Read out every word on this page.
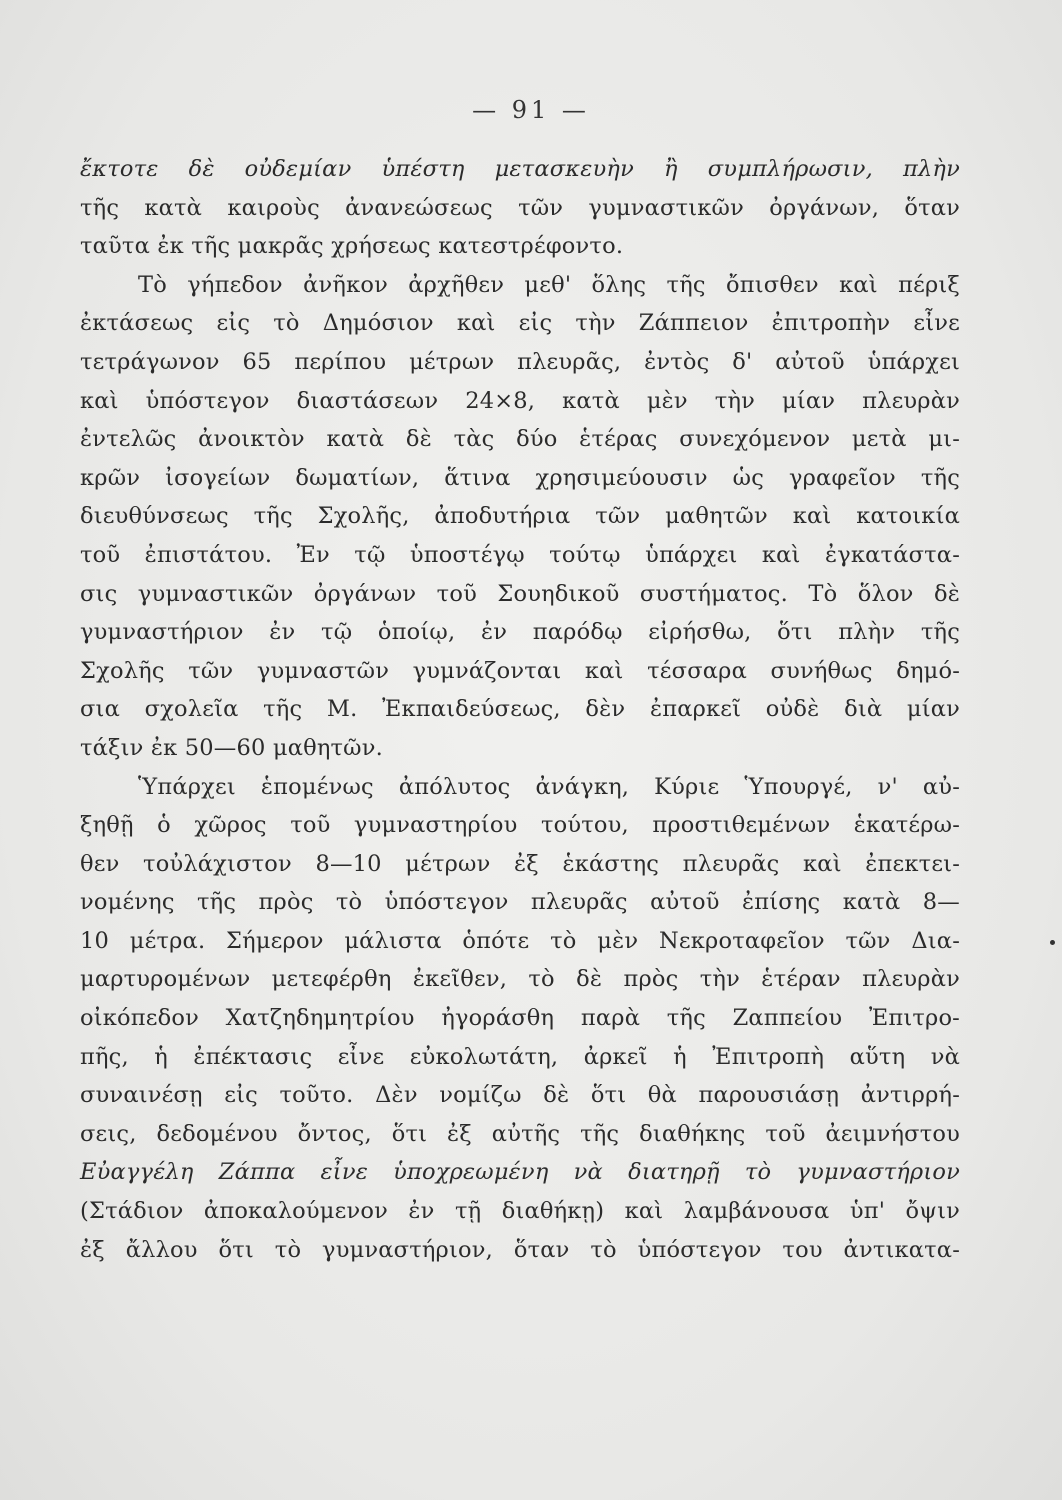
— 91 —
ἔκτοτε δὲ οὐδεμίαν ὑπέστη μετασκευὴν ἢ συμπλήρωσιν, πλὴν
τῆς κατὰ καιροὺς ἀνανεώσεως τῶν γυμναστικῶν ὀργάνων, ὅταν
ταῦτα ἐκ τῆς μακρᾶς χρήσεως κατεστρέφοντο.
Τὸ γήπεδον ἀνῆκον ἀρχῆθεν μεθ' ὅλης τῆς ὄπισθεν καὶ πέριξ
ἐκτάσεως εἰς τὸ Δημόσιον καὶ εἰς τὴν Ζάππειον ἐπιτροπὴν εἶνε
τετράγωνον 65 περίπου μέτρων πλευρᾶς, ἐντὸς δ' αὐτοῦ ὑπάρχει
καὶ ὑπόστεγον διαστάσεων 24×8, κατὰ μὲν τὴν μίαν πλευρὰν
ἐντελῶς ἀνοικτὸν κατὰ δὲ τὰς δύο ἑτέρας συνεχόμενον μετὰ μι-
κρῶν ἰσογείων δωματίων, ἅτινα χρησιμεύουσιν ὡς γραφεῖον τῆς
διευθύνσεως τῆς Σχολῆς, ἀποδυτήρια τῶν μαθητῶν καὶ κατοικία
τοῦ ἐπιστάτου. Ἐν τῷ ὑποστέγῳ τούτῳ ὑπάρχει καὶ ἐγκατάστα-
σις γυμναστικῶν ὀργάνων τοῦ Σουηδικοῦ συστήματος. Τὸ ὅλον δὲ
γυμναστήριον ἐν τῷ ὁποίῳ, ἐν παρόδῳ εἰρήσθω, ὅτι πλὴν τῆς
Σχολῆς τῶν γυμναστῶν γυμνάζονται καὶ τέσσαρα συνήθως δημό-
σια σχολεῖα τῆς Μ. Ἐκπαιδεύσεως, δὲν ἐπαρκεῖ οὐδὲ διὰ μίαν
τάξιν ἐκ 50—60 μαθητῶν.
Ὑπάρχει ἑπομένως ἀπόλυτος ἀνάγκη, Κύριε Ὑπουργέ, ν' αὐ-
ξηθῇ ὁ χῶρος τοῦ γυμναστηρίου τούτου, προστιθεμένων ἑκατέρω-
θεν τοὐλάχιστον 8—10 μέτρων ἐξ ἑκάστης πλευρᾶς καὶ ἐπεκτει-
νομένης τῆς πρὸς τὸ ὑπόστεγον πλευρᾶς αὐτοῦ ἐπίσης κατὰ 8—
10 μέτρα. Σήμερον μάλιστα ὁπότε τὸ μὲν Νεκροταφεῖον τῶν Δια-
μαρτυρομένων μετεφέρθη ἐκεῖθεν, τὸ δὲ πρὸς τὴν ἑτέραν πλευρὰν
οἰκόπεδον Χατζηδημητρίου ἠγοράσθη παρὰ τῆς Ζαππείου Ἐπιτρο-
πῆς, ἡ ἐπέκτασις εἶνε εὐκολωτάτη, ἀρκεῖ ἡ Ἐπιτροπὴ αὕτη νὰ
συναινέσῃ εἰς τοῦτο. Δὲν νομίζω δὲ ὅτι θὰ παρουσιάσῃ ἀντιρρή-
σεις, δεδομένου ὄντος, ὅτι ἐξ αὐτῆς τῆς διαθήκης τοῦ ἀειμνήστου
Εὐαγγέλη Ζάππα εἶνε ὑποχρεωμένη νὰ διατηρῇ τὸ γυμναστήριον
(Στάδιον ἀποκαλούμενον ἐν τῇ διαθήκῃ) καὶ λαμβάνουσα ὑπ' ὄψιν
ἐξ ἄλλου ὅτι τὸ γυμναστήριον, ὅταν τὸ ὑπόστεγον του ἀντικατα-
